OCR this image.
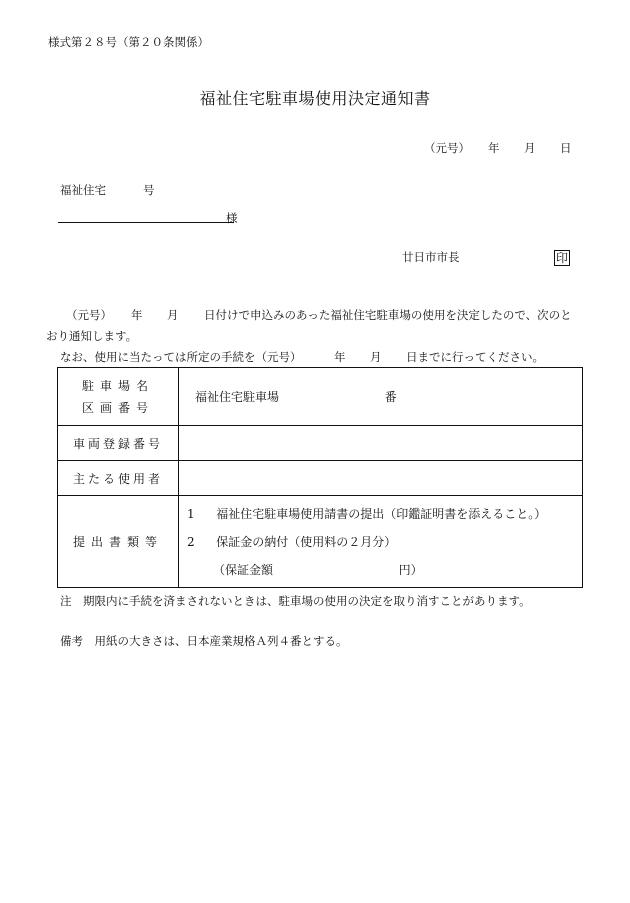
様式第２８号（第２０条関係）
福祉住宅駐車場使用決定通知書
（元号） 年 月 日
福祉住宅	号
様
廿日市市長	印
（元号） 年 月 日付けで申込みのあった福祉住宅駐車場の使用を決定したので、次のと
おり通知します。
なお、使用に当たっては所定の手続を（元号）	年 月 日までに行ってください。
駐車場名
区画番号	福祉住宅駐車場 番
車両登録番号	
主たる使用者	
提出書類等	1 福祉住宅駐車場使用請書の提出（印鑑証明書を添えること。）
2 保証金の納付（使用料の２月分）
（保証金額 円）
注　期限内に手続を済まされないときは、駐車場の使用の決定を取り消すことがあります。
備考　用紙の大きさは、日本産業規格Ａ列４番とする。
